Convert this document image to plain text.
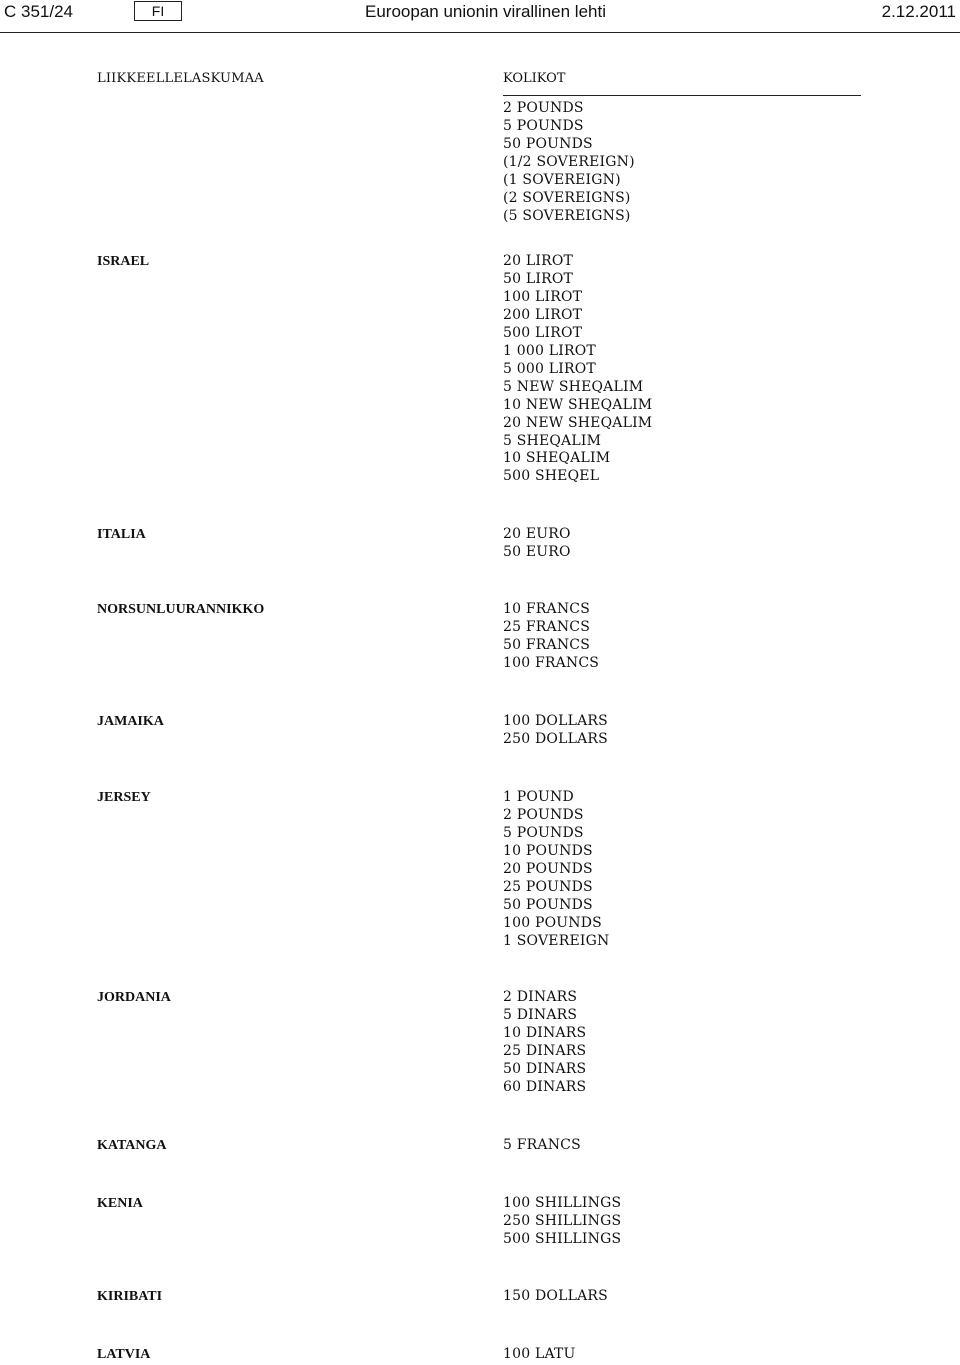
C 351/24	FI	Euroopan unionin virallinen lehti	2.12.2011
LIIKKEELLELASKUMAA	KOLIKOT
2 POUNDS
5 POUNDS
50 POUNDS
(1/2 SOVEREIGN)
(1 SOVEREIGN)
(2 SOVEREIGNS)
(5 SOVEREIGNS)
ISRAEL	20 LIROT
50 LIROT
100 LIROT
200 LIROT
500 LIROT
1 000 LIROT
5 000 LIROT
5 NEW SHEQALIM
10 NEW SHEQALIM
20 NEW SHEQALIM
5 SHEQALIM
10 SHEQALIM
500 SHEQEL
ITALIA	20 EURO
50 EURO
NORSUNLUURANNIKKO	10 FRANCS
25 FRANCS
50 FRANCS
100 FRANCS
JAMAIKA	100 DOLLARS
250 DOLLARS
JERSEY	1 POUND
2 POUNDS
5 POUNDS
10 POUNDS
20 POUNDS
25 POUNDS
50 POUNDS
100 POUNDS
1 SOVEREIGN
JORDANIA	2 DINARS
5 DINARS
10 DINARS
25 DINARS
50 DINARS
60 DINARS
KATANGA	5 FRANCS
KENIA	100 SHILLINGS
250 SHILLINGS
500 SHILLINGS
KIRIBATI	150 DOLLARS
LATVIA	100 LATU
